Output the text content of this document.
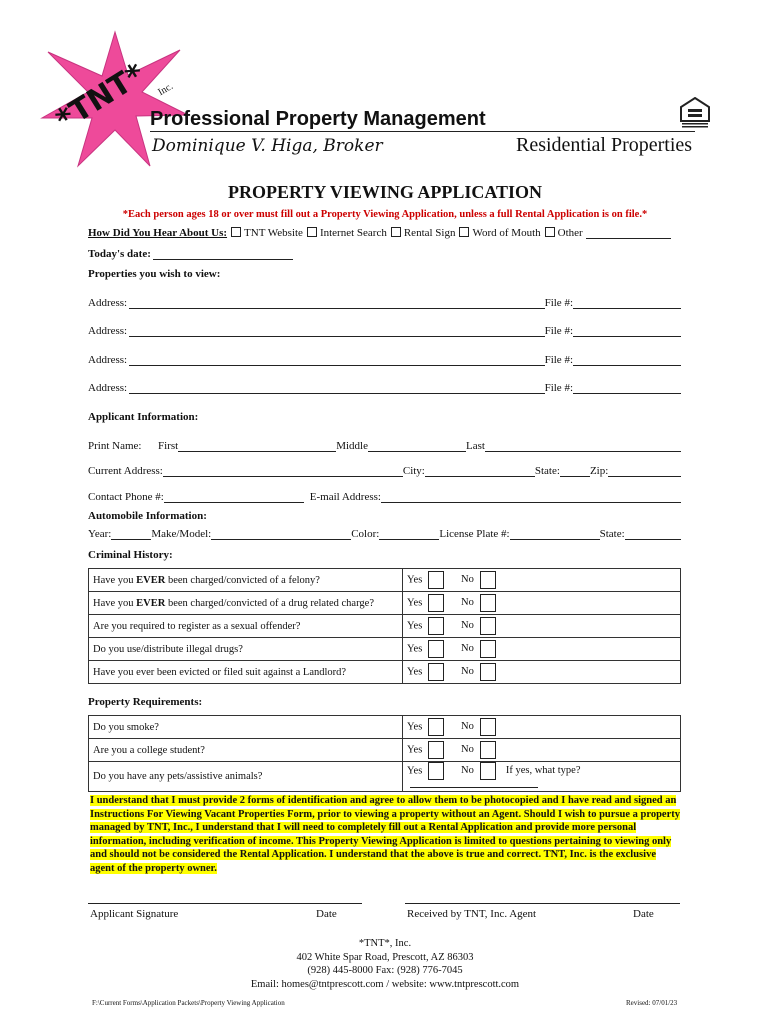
*TNT* Inc.
Professional Property Management
Dominique V. Higa, Broker	Residential Properties
PROPERTY VIEWING APPLICATION
*Each person ages 18 or over must fill out a Property Viewing Application, unless a full Rental Application is on file.*
How Did You Hear About Us: TNT Website Internet Search Rental Sign Word of Mouth Other
Today's date:
Properties you wish to view:
Address:	File #:
Address:	File #:
Address:	File #:
Address:	File #:
Applicant Information:
Print Name:	First	Middle	Last
Current Address:	City:	State:	Zip:
Contact Phone #:	E-mail Address:
Automobile Information:
Year:	Make/Model:	Color:	License Plate #:	State:
Criminal History:
Have you EVER been charged/convicted of a felony?	Yes No
Have you EVER been charged/convicted of a drug related charge?	Yes No
Are you required to register as a sexual offender?	Yes No
Do you use/distribute illegal drugs?	Yes No
Have you ever been evicted or filed suit against a Landlord?	Yes No
Property Requirements:
Do you smoke?	Yes No
Are you a college student?	Yes No
Do you have any pets/assistive animals?	Yes No If yes, what type?
I understand that I must provide 2 forms of identification and agree to allow them to be photocopied and I have read and signed an Instructions For Viewing Vacant Properties Form, prior to viewing a property without an Agent. Should I wish to pursue a property managed by TNT, Inc., I understand that I will need to completely fill out a Rental Application and provide more personal information, including verification of income. This Property Viewing Application is limited to questions pertaining to viewing only and should not be considered the Rental Application. I understand that the above is true and correct. TNT, Inc. is the exclusive agent of the property owner.
Applicant Signature	Date	Received by TNT, Inc. Agent	Date
*TNT*, Inc.
402 White Spar Road, Prescott, AZ 86303
(928) 445-8000 Fax: (928) 776-7045
Email: homes@tntprescott.com / website: www.tntprescott.com
F:\Current Forms\Application Packets\Property Viewing Application	Revised: 07/01/23
